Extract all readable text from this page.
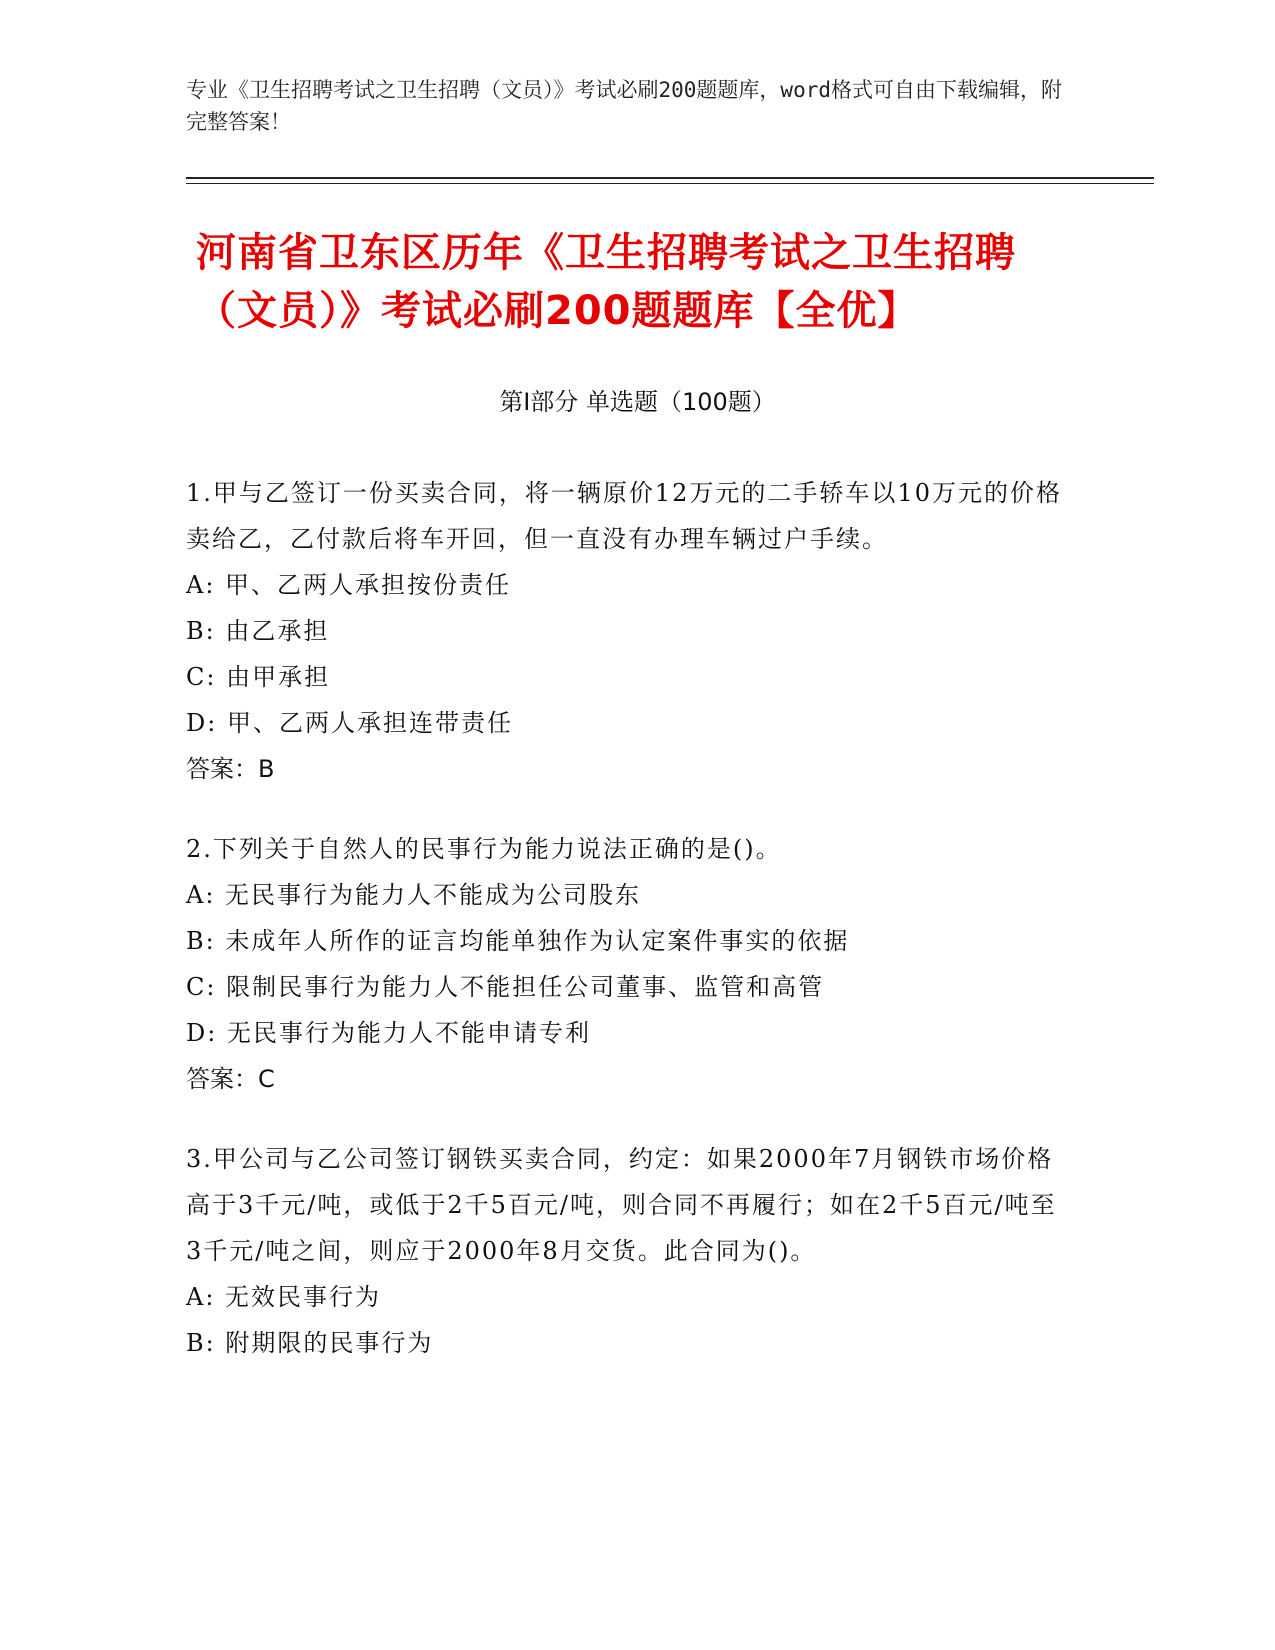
专业《卫生招聘考试之卫生招聘（文员）》考试必刷200题题库，word格式可自由下载编辑，附完整答案！
河南省卫东区历年《卫生招聘考试之卫生招聘（文员）》考试必刷200题题库【全优】
第Ⅰ部分 单选题（100题）

1.甲与乙签订一份买卖合同，将一辆原价12万元的二手轿车以10万元的价格卖给乙，乙付款后将车开回，但一直没有办理车辆过户手续。

A: 甲、乙两人承担按份责任

B: 由乙承担

C: 由甲承担

D: 甲、乙两人承担连带责任

答案：B

2.下列关于自然人的民事行为能力说法正确的是()。

A: 无民事行为能力人不能成为公司股东

B: 未成年人所作的证言均能单独作为认定案件事实的依据

C: 限制民事行为能力人不能担任公司董事、监管和高管

D: 无民事行为能力人不能申请专利

答案：C

3.甲公司与乙公司签订钢铁买卖合同，约定：如果2000年7月钢铁市场价格高于3千元/吨，或低于2千5百元/吨，则合同不再履行；如在2千5百元/吨至3千元/吨之间，则应于2000年8月交货。此合同为()。

A: 无效民事行为

B: 附期限的民事行为
